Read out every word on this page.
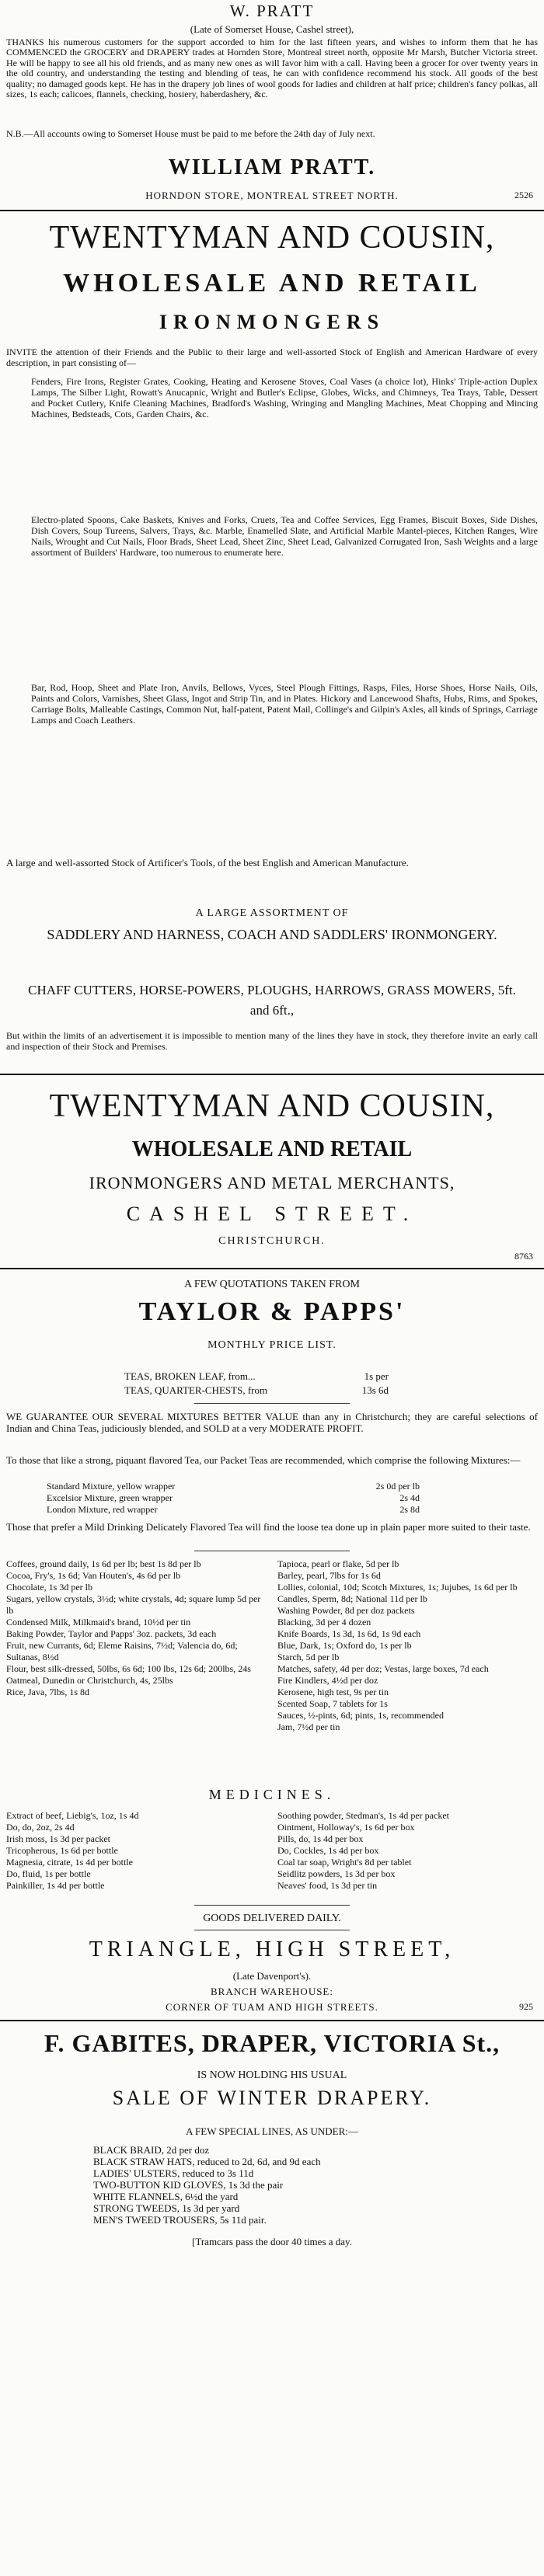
W. PRATT
(Late of Somerset House, Cashel street),
THANKS his numerous customers for the support accorded to him for the last fifteen years, and wishes to inform them that he has COMMENCED the GROCERY and DRAPERY trades at Hornden Store, Montreal street north, opposite Mr Marsh, Butcher Victoria street. He will be happy to see all his old friends, and as many new ones as will favor him with a call. Having been a grocer for over twenty years in the old country, and understanding the testing and blending of teas, he can with confidence recommend his stock. All goods of the best quality; no damaged goods kept. He has in the drapery job lines of wool goods for ladies and children at half price; children's fancy polkas, all sizes, 1s each; calicoes, flannels, checking, hosiery, haberdashery, &c.
N.B.—All accounts owing to Somerset House must be paid to me before the 24th day of July next.
WILLIAM PRATT.
HORNDON STORE, MONTREAL STREET NORTH.	2526
TWENTYMAN AND COUSIN,
WHOLESALE AND RETAIL
IRONMONGERS
INVITE the attention of their Friends and the Public to their large and well-assorted Stock of English and American Hardware of every description, in part consisting of—
Fenders, Fire Irons, Register Grates, Cooking, Heating and Kerosene Stoves, Coal Vases (a choice lot), Hinks' Triple-action Duplex Lamps, The Silber Light, Rowatt's Anucapnic, Wright and Butler's Eclipse, Globes, Wicks, and Chimneys, Tea Trays, Table, Dessert and Pocket Cutlery, Knife Cleaning Machines, Bradford's Washing, Wringing and Mangling Machines, Meat Chopping and Mincing Machines, Bedsteads, Cots, Garden Chairs, &c.
Electro-plated Spoons, Cake Baskets, Knives and Forks, Cruets, Tea and Coffee Services, Egg Frames, Biscuit Boxes, Side Dishes, Dish Covers, Soup Tureens, Salvers, Trays, &c. Marble, Enamelled Slate, and Artificial Marble Mantel-pieces, Kitchen Ranges, Wire Nails, Wrought and Cut Nails, Floor Brads, Sheet Lead, Sheet Zinc, Sheet Lead, Galvanized Corrugated Iron, Sash Weights and a large assortment of Builders' Hardware, too numerous to enumerate here.
Bar, Rod, Hoop, Sheet and Plate Iron, Anvils, Bellows, Vyces, Steel Plough Fittings, Rasps, Files, Horse Shoes, Horse Nails, Oils, Paints and Colors, Varnishes, Sheet Glass, Ingot and Strip Tin, and in Plates. Hickory and Lancewood Shafts, Hubs, Rims, and Spokes, Carriage Bolts, Malleable Castings, Common Nut, half-patent, Patent Mail, Collinge's and Gilpin's Axles, all kinds of Springs, Carriage Lamps and Coach Leathers.
A large and well-assorted Stock of Artificer's Tools, of the best English and American Manufacture.
A LARGE ASSORTMENT OF
SADDLERY AND HARNESS, COACH AND SADDLERS' IRONMONGERY.
CHAFF CUTTERS, HORSE-POWERS, PLOUGHS, HARROWS, GRASS MOWERS, 5ft. and 6ft.,
But within the limits of an advertisement it is impossible to mention many of the lines they have in stock, they therefore invite an early call and inspection of their Stock and Premises.
TWENTYMAN AND COUSIN,
WHOLESALE AND RETAIL
IRONMONGERS AND METAL MERCHANTS,
CASHEL STREET.
CHRISTCHURCH.
8763
A FEW QUOTATIONS TAKEN FROM
TAYLOR & PAPPS'
MONTHLY PRICE LIST.
TEAS, BROKEN LEAF, from...	1s per
TEAS, QUARTER-CHESTS, from	13s 6d
WE GUARANTEE OUR SEVERAL MIXTURES BETTER VALUE than any in Christchurch; they are careful selections of Indian and China Teas, judiciously blended, and SOLD at a very MODERATE PROFIT.
To those that like a strong, piquant flavored Tea, our Packet Teas are recommended, which comprise the following Mixtures:—
Standard Mixture, yellow wrapper	2s 0d per lb
Excelsior Mixture, green wrapper	2s 4d
London Mixture, red wrapper	2s 8d
Those that prefer a Mild Drinking Delicately Flavored Tea will find the loose tea done up in plain paper more suited to their taste.
Coffees, ground daily, 1s 6d per lb; best 1s 8d per lb
Cocoa, Fry's, 1s 6d; Van Houten's, 4s 6d per lb
Chocolate, 1s 3d per lb
Sugars, yellow crystals, 3½d; white crystals, 4d; square lump 5d per lb
Condensed Milk, Milkmaid's brand, 10½d per tin
Baking Powder, Taylor and Papps' 3oz. packets, 3d each
Fruit, new Currants, 6d; Eleme Raisins, 7½d; Valencia do, 6d; Sultanas, 8½d
Flour, best silk-dressed, 50lbs, 6s 6d; 100 lbs, 12s 6d; 200lbs, 24s
Oatmeal, Dunedin or Christchurch, 4s, 25lbs
Rice, Java, 7lbs, 1s 8d
Tapioca, pearl or flake, 5d per lb
Barley, pearl, 7lbs for 1s 6d
Lollies, colonial, 10d; Scotch Mixtures, 1s; Jujubes, 1s 6d per lb
Candles, Sperm, 8d; National 11d per lb
Washing Powder, 8d per doz packets
Blacking, 3d per 4 dozen
Knife Boards, 1s 3d, 1s 6d, 1s 9d each
Blue, Dark, 1s; Oxford do, 1s per lb
Starch, 5d per lb
Matches, safety, 4d per doz; Vestas, large boxes, 7d each
Fire Kindlers, 4½d per doz
Kerosene, high test, 9s per tin
Scented Soap, 7 tablets for 1s
Sauces, ½-pints, 6d; pints, 1s, recommended
Jam, 7½d per tin
MEDICINES.
Extract of beef, Liebig's, 1oz, 1s 4d
Do, do, 2oz, 2s 4d
Irish moss, 1s 3d per packet
Tricopherous, 1s 6d per bottle
Magnesia, citrate, 1s 4d per bottle
Do, fluid, 1s per bottle
Painkiller, 1s 4d per bottle
Soothing powder, Stedman's, 1s 4d per packet
Ointment, Holloway's, 1s 6d per box
Pills, do, 1s 4d per box
Do, Cockles, 1s 4d per box
Coal tar soap, Wright's 8d per tablet
Seidlitz powders, 1s 3d per box
Neaves' food, 1s 3d per tin
GOODS DELIVERED DAILY.
TRIANGLE, HIGH STREET,
(Late Davenport's).
BRANCH WAREHOUSE:
CORNER OF TUAM AND HIGH STREETS.	925
F. GABITES, DRAPER, VICTORIA St.,
IS NOW HOLDING HIS USUAL
SALE OF WINTER DRAPERY.
A FEW SPECIAL LINES, AS UNDER:—
BLACK BRAID, 2d per doz
BLACK STRAW HATS, reduced to 2d, 6d, and 9d each
LADIES' ULSTERS, reduced to 3s 11d
TWO-BUTTON KID GLOVES, 1s 3d the pair
WHITE FLANNELS, 6½d the yard
STRONG TWEEDS, 1s 3d per yard
MEN'S TWEED TROUSERS, 5s 11d pair.
[Tramcars pass the door 40 times a day.
